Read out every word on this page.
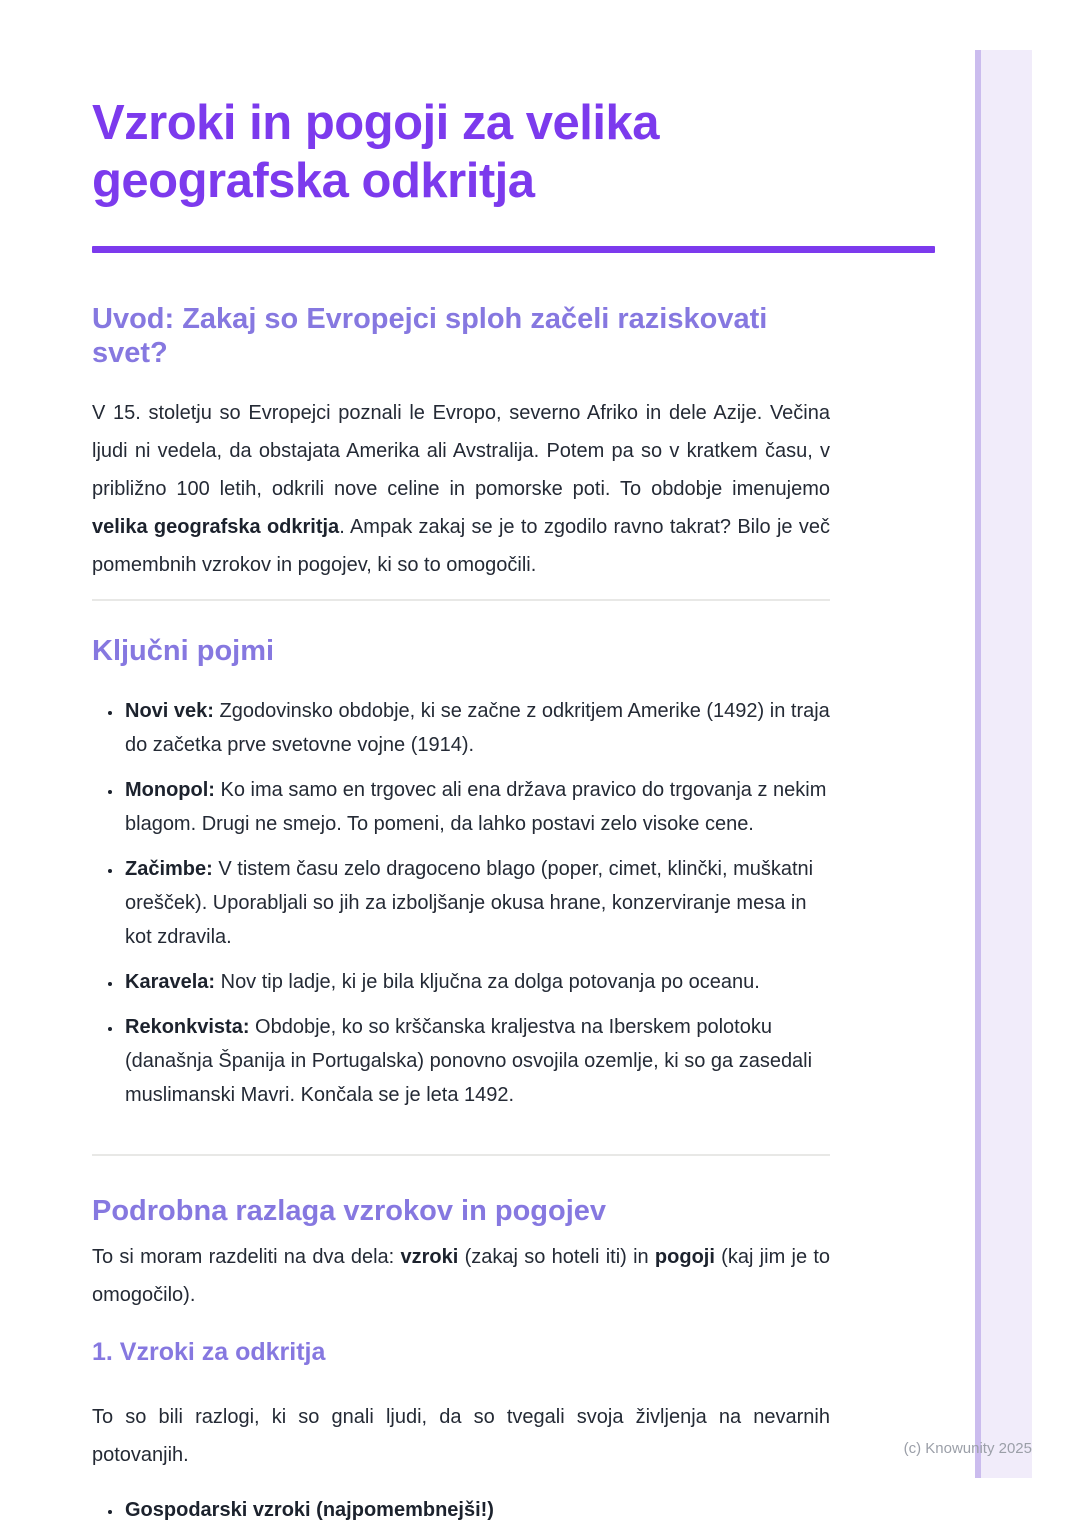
Vzroki in pogoji za velika geografska odkritja
Uvod: Zakaj so Evropejci sploh začeli raziskovati svet?

V 15. stoletju so Evropejci poznali le Evropo, severno Afriko in dele Azije. Večina ljudi ni vedela, da obstajata Amerika ali Avstralija. Potem pa so v kratkem času, v približno 100 letih, odkrili nove celine in pomorske poti. To obdobje imenujemo velika geografska odkritja. Ampak zakaj se je to zgodilo ravno takrat? Bilo je več pomembnih vzrokov in pogojev, ki so to omogočili.

Ključni pojmi
• Novi vek: Zgodovinsko obdobje, ki se začne z odkritjem Amerike (1492) in traja do začetka prve svetovne vojne (1914).
• Monopol: Ko ima samo en trgovec ali ena država pravico do trgovanja z nekim blagom. Drugi ne smejo. To pomeni, da lahko postavi zelo visoke cene.
• Začimbe: V tistem času zelo dragoceno blago (poper, cimet, klinčki, muškatni orešček). Uporabljali so jih za izboljšanje okusa hrane, konzerviranje mesa in kot zdravila.
• Karavela: Nov tip ladje, ki je bila ključna za dolga potovanja po oceanu.
• Rekonkvista: Obdobje, ko so krščanska kraljestva na Iberskem polotoku (današnja Španija in Portugalska) ponovno osvojila ozemlje, ki so ga zasedali muslimanski Mavri. Končala se je leta 1492.
Podrobna razlaga vzrokov in pogojev

To si moram razdeliti na dva dela: vzroki (zakaj so hoteli iti) in pogoji (kaj jim je to omogočilo).

1. Vzroki za odkritja

To so bili razlogi, ki so gnali ljudi, da so tvegali svoja življenja na nevarnih potovanjih.

• Gospodarski vzroki (najpomembnejši!)
(c) Knowunity 2025
